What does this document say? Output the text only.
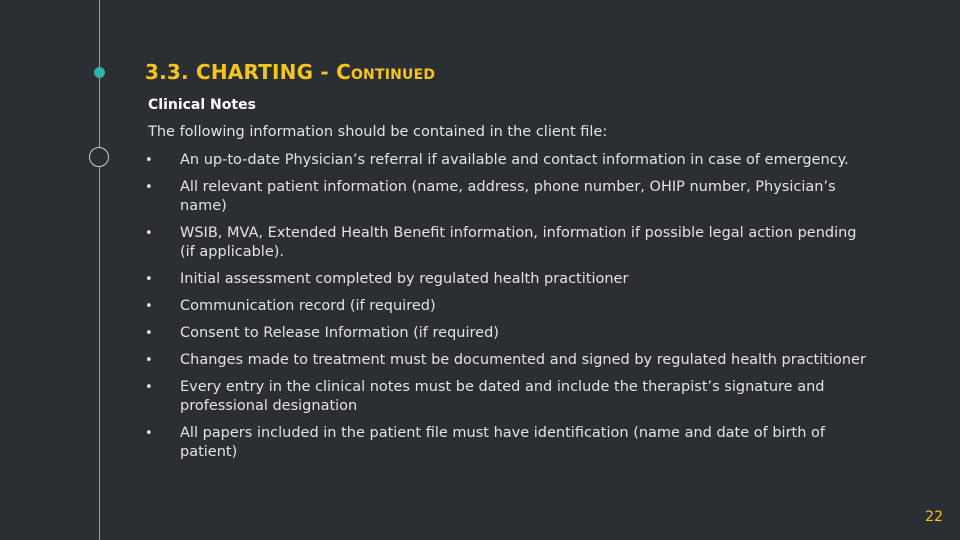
3.3. CHARTING - Continued
Clinical Notes
The following information should be contained in the client file:
• An up-to-date Physician’s referral if available and contact information in case of emergency.
• All relevant patient information (name, address, phone number, OHIP number, Physician’s name)
• WSIB, MVA, Extended Health Benefit information, information if possible legal action pending (if applicable).
• Initial assessment completed by regulated health practitioner
• Communication record (if required)
• Consent to Release Information (if required)
• Changes made to treatment must be documented and signed by regulated health practitioner
• Every entry in the clinical notes must be dated and include the therapist’s signature and professional designation
• All papers included in the patient file must have identification (name and date of birth of patient)
22
